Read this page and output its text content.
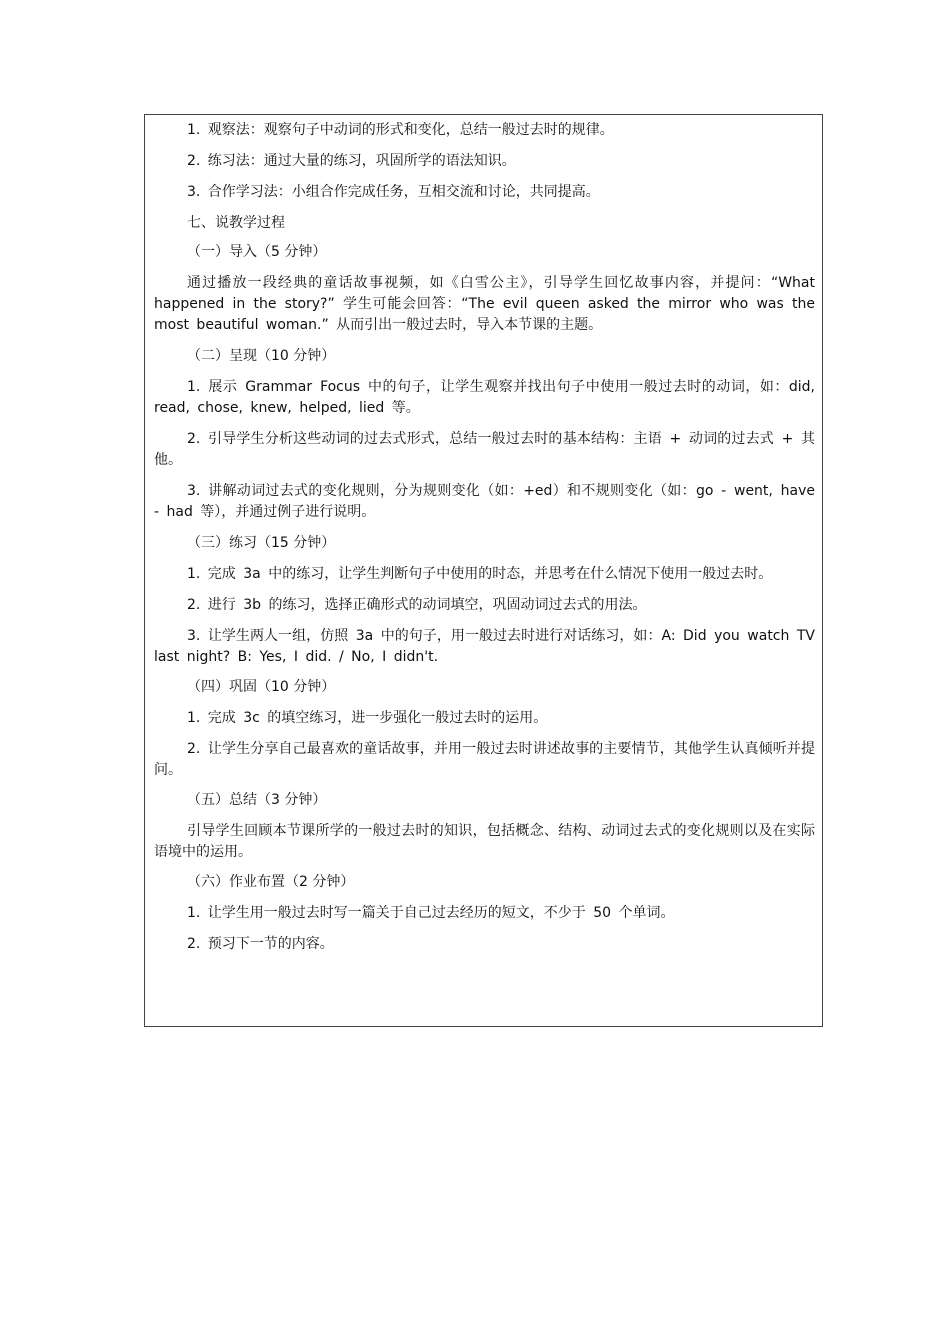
1. 观察法：观察句子中动词的形式和变化，总结一般过去时的规律。

2. 练习法：通过大量的练习，巩固所学的语法知识。

3. 合作学习法：小组合作完成任务，互相交流和讨论，共同提高。

七、说教学过程

（一）导入（5 分钟）

通过播放一段经典的童话故事视频，如《白雪公主》，引导学生回忆故事内容，并提问：“What happened in the story?” 学生可能会回答：“The evil queen asked the mirror who was the most beautiful woman.” 从而引出一般过去时，导入本节课的主题。

（二）呈现（10 分钟）

1. 展示 Grammar Focus 中的句子，让学生观察并找出句子中使用一般过去时的动词，如：did, read, chose, knew, helped, lied 等。

2. 引导学生分析这些动词的过去式形式，总结一般过去时的基本结构：主语 + 动词的过去式 + 其他。

3. 讲解动词过去式的变化规则，分为规则变化（如：+ed）和不规则变化（如：go - went, have - had 等），并通过例子进行说明。

（三）练习（15 分钟）

1. 完成 3a 中的练习，让学生判断句子中使用的时态，并思考在什么情况下使用一般过去时。

2. 进行 3b 的练习，选择正确形式的动词填空，巩固动词过去式的用法。

3. 让学生两人一组，仿照 3a 中的句子，用一般过去时进行对话练习，如：A: Did you watch TV last night? B: Yes, I did. / No, I didn't.

（四）巩固（10 分钟）

1. 完成 3c 的填空练习，进一步强化一般过去时的运用。

2. 让学生分享自己最喜欢的童话故事，并用一般过去时讲述故事的主要情节，其他学生认真倾听并提问。

（五）总结（3 分钟）

引导学生回顾本节课所学的一般过去时的知识，包括概念、结构、动词过去式的变化规则以及在实际语境中的运用。

（六）作业布置（2 分钟）

1. 让学生用一般过去时写一篇关于自己过去经历的短文，不少于 50 个单词。

2. 预习下一节的内容。
